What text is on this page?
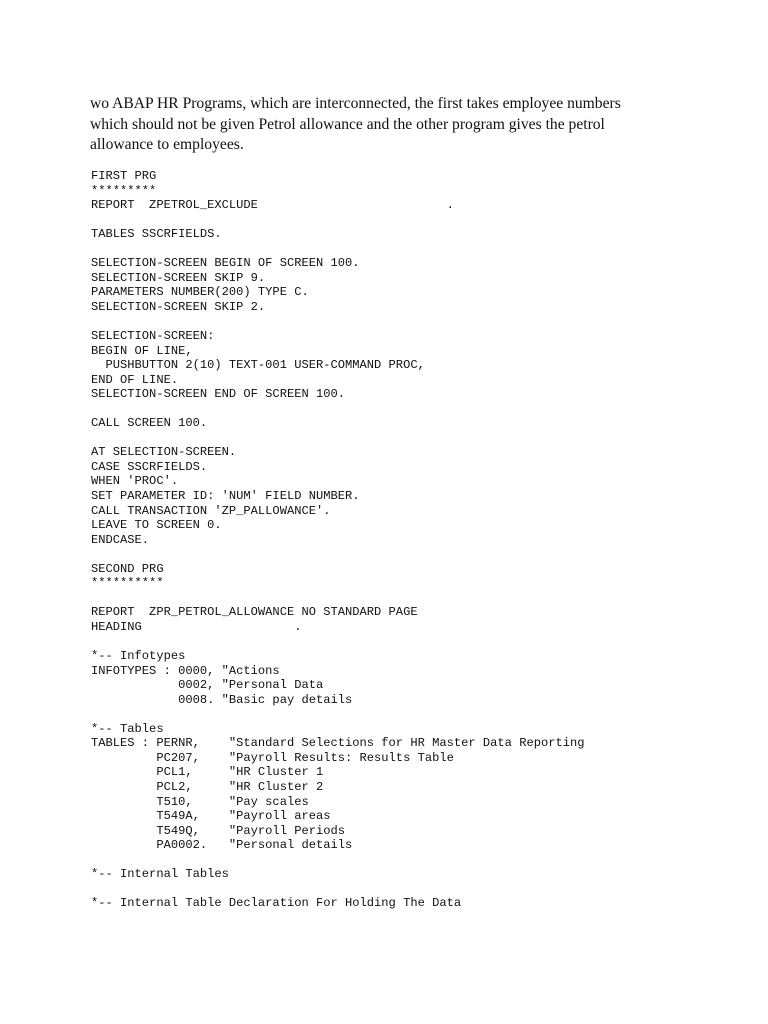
wo ABAP HR Programs, which are interconnected, the first takes employee numbers
which should not be given Petrol allowance and the other program gives the petrol
allowance to employees.

FIRST PRG
*********
REPORT  ZPETROL_EXCLUDE                          .
TABLES SSCRFIELDS.
SELECTION-SCREEN BEGIN OF SCREEN 100.
SELECTION-SCREEN SKIP 9.
PARAMETERS NUMBER(200) TYPE C.
SELECTION-SCREEN SKIP 2.
SELECTION-SCREEN:
BEGIN OF LINE,
PUSHBUTTON 2(10) TEXT-001 USER-COMMAND PROC,
END OF LINE.
SELECTION-SCREEN END OF SCREEN 100.
CALL SCREEN 100.
AT SELECTION-SCREEN.
CASE SSCRFIELDS.
WHEN 'PROC'.
SET PARAMETER ID: 'NUM' FIELD NUMBER.
CALL TRANSACTION 'ZP_PALLOWANCE'.
LEAVE TO SCREEN 0.
ENDCASE.
SECOND PRG
**********
REPORT  ZPR_PETROL_ALLOWANCE NO STANDARD PAGE
HEADING                     .
*-- Infotypes
INFOTYPES : 0000, "Actions
0002, "Personal Data
0008. "Basic pay details
*-- Tables
TABLES : PERNR,    "Standard Selections for HR Master Data Reporting
PC207,    "Payroll Results: Results Table
PCL1,     "HR Cluster 1
PCL2,     "HR Cluster 2
T510,     "Pay scales
T549A,    "Payroll areas
T549Q,    "Payroll Periods
PA0002.   "Personal details
*-- Internal Tables
*-- Internal Table Declaration For Holding The Data
